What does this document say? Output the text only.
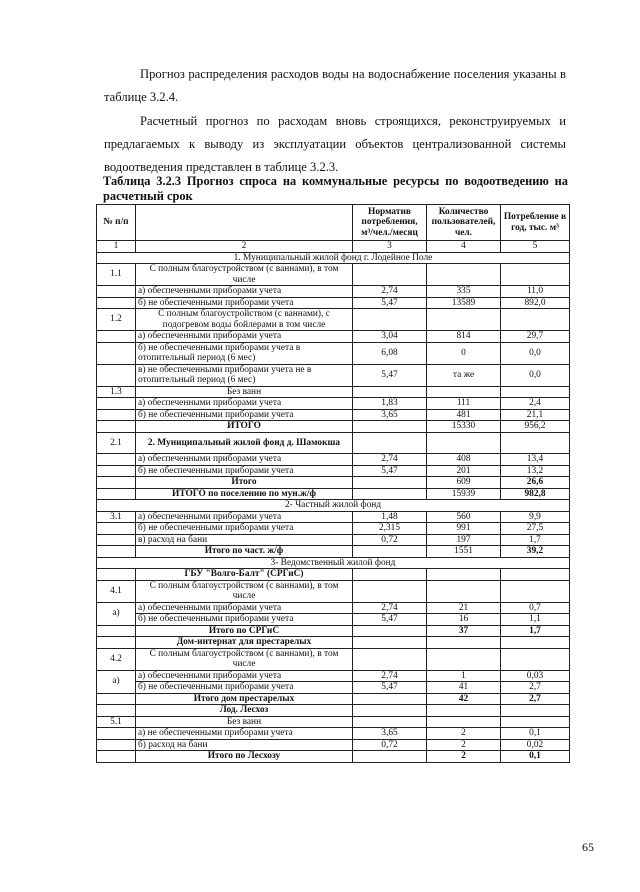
Прогноз распределения расходов воды на водоснабжение поселения указаны в

таблице 3.2.4.

Расчетный прогноз по расходам вновь строящихся, реконструируемых и

предлагаемых к выводу из эксплуатации объектов централизованной системы

водоотведения представлен в таблице 3.2.3.

Таблица 3.2.3 Прогноз спроса на коммунальные ресурсы по водоотведению на

расчетный срок

№ п/п		Норматив потребления, м³/чел./месяц	Количество пользователей, чел.	Потребление в год, тыс. м³
1	2	3	4	5
1. Муниципальный жилой фонд г. Лодейное Поле				
1.1	С полным благоустройством (с ваннами), в том числе			
	а) обеспеченными приборами учета	2,74	335	11,0
	б) не обеспеченными приборами учета	5,47	13589	892,0
1.2	С полным благоустройством (с ваннами), с подогревом воды бойлерами в том числе			
	а) обеспеченными приборами учета	3,04	814	29,7
	б) не обеспеченными приборами учета в отопительный период (6 мес)	6,08	0	0,0
	в) не обеспеченными приборами учета не в отопительный период (6 мес)	5,47	та же	0,0
1.3	Без ванн			
	а) обеспеченными приборами учета	1,83	111	2,4
	б) не обеспеченными приборами учета	3,65	481	21,1
	ИТОГО		15330	956,2
2.1	2. Муниципальный жилой фонд д. Шамокша			
	а) обеспеченными приборами учета	2,74	408	13,4
	б) не обеспеченными приборами учета	5,47	201	13,2
	Итого		609	26,6
	ИТОГО по поселению по мун.ж/ф		15939	982,8
2- Частный жилой фонд				
3.1	а) обеспеченными приборами учета	1,48	560	9,9
	б) не обеспеченными приборами учета	2,315	991	27,5
	в) расход на бани	0,72	197	1,7
	Итого по част. ж/ф		1551	39,2
3- Ведомственный жилой фонд				
	ГБУ "Волго-Балт" (СРГиС)			
4.1	С полным благоустройством (с ваннами), в том числе			
а)	а) обеспеченными приборами учета	2,74	21	0,7
	б) не обеспеченными приборами учета	5,47	16	1,1
	Итого по СРГиС		37	1,7
	Дом-интернат для престарелых			
4.2	С полным благоустройством (с ваннами), в том числе			
а)	а) обеспеченными приборами учета	2,74	1	0,03
	б) не обеспеченными приборами учета	5,47	41	2,7
	Итого дом престарелых		42	2,7
	Лод. Лесхоз			
5.1	Без ванн			
	а) не обеспеченными приборами учета	3,65	2	0,1
	б) расход на бани	0,72	2	0,02
	Итого по Лесхозу		2	0,1
65
